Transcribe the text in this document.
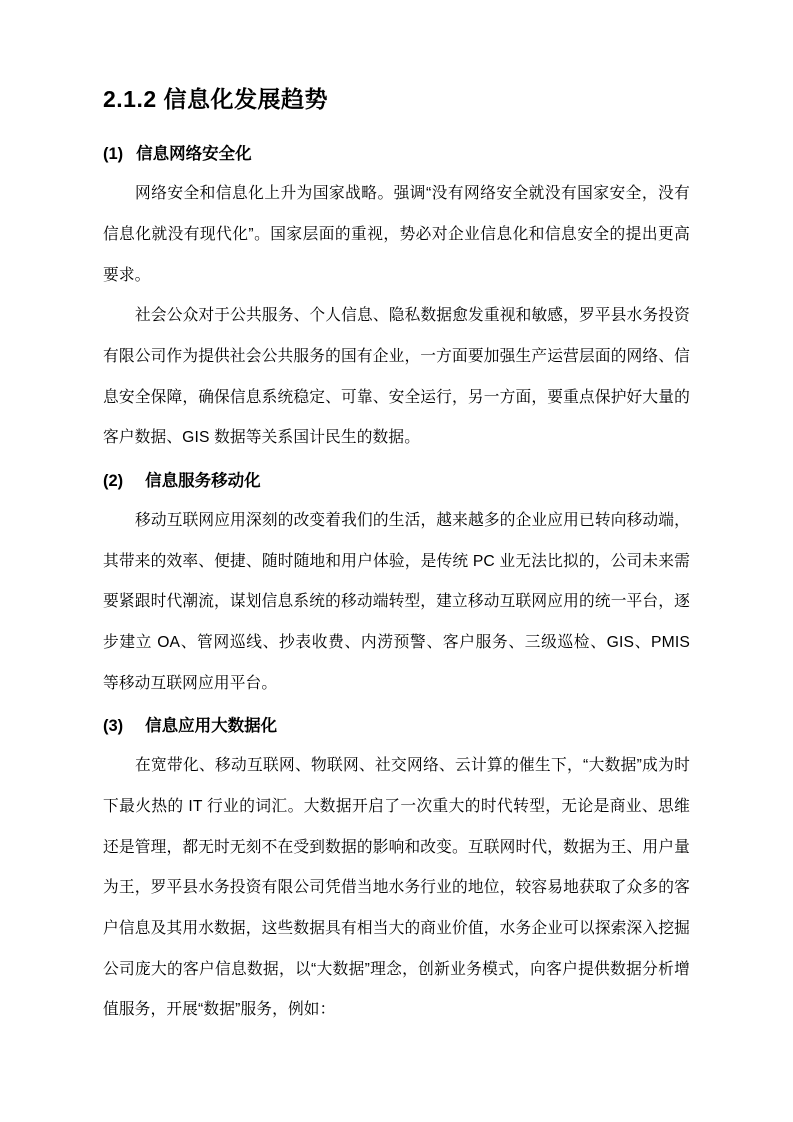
2.1.2 信息化发展趋势
(1) 信息网络安全化

网络安全和信息化上升为国家战略。强调“没有网络安全就没有国家安全，没有信息化就没有现代化”。国家层面的重视，势必对企业信息化和信息安全的提出更高要求。

社会公众对于公共服务、个人信息、隐私数据愈发重视和敏感，罗平县水务投资有限公司作为提供社会公共服务的国有企业，一方面要加强生产运营层面的网络、信息安全保障，确保信息系统稳定、可靠、安全运行，另一方面，要重点保护好大量的客户数据、GIS 数据等关系国计民生的数据。

(2) 信息服务移动化

移动互联网应用深刻的改变着我们的生活，越来越多的企业应用已转向移动端，其带来的效率、便捷、随时随地和用户体验，是传统 PC 业无法比拟的，公司未来需要紧跟时代潮流，谋划信息系统的移动端转型，建立移动互联网应用的统一平台，逐步建立 OA、管网巡线、抄表收费、内涝预警、客户服务、三级巡检、GIS、PMIS 等移动互联网应用平台。

(3) 信息应用大数据化

在宽带化、移动互联网、物联网、社交网络、云计算的催生下，“大数据”成为时下最火热的 IT 行业的词汇。大数据开启了一次重大的时代转型，无论是商业、思维还是管理，都无时无刻不在受到数据的影响和改变。互联网时代，数据为王、用户量为王，罗平县水务投资有限公司凭借当地水务行业的地位，较容易地获取了众多的客户信息及其用水数据，这些数据具有相当大的商业价值，水务企业可以探索深入挖掘公司庞大的客户信息数据，以“大数据”理念，创新业务模式，向客户提供数据分析增值服务，开展“数据”服务，例如：
